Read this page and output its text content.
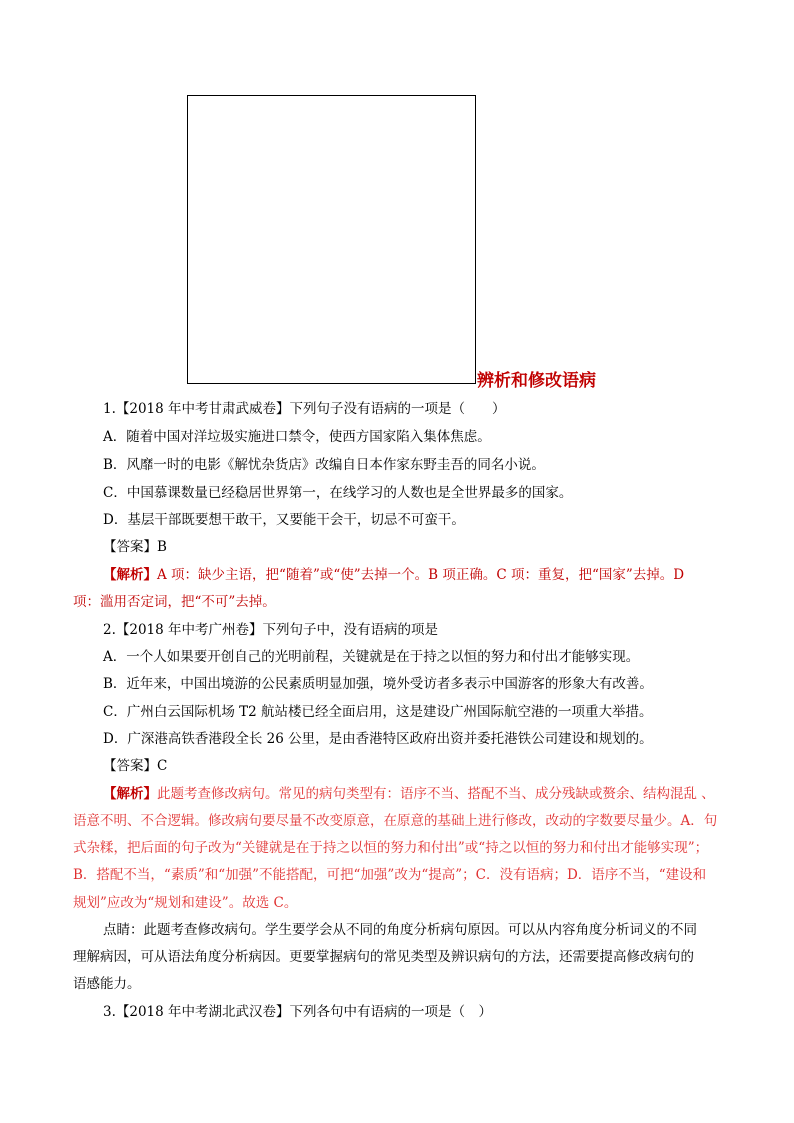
辨析和修改语病
1.【2018 年中考甘肃武威卷】下列句子没有语病的一项是（　　）
A．随着中国对洋垃圾实施进口禁令，使西方国家陷入集体焦虑。
B．风靡一时的电影《解忧杂货店》改编自日本作家东野圭吾的同名小说。
C．中国慕课数量已经稳居世界第一，在线学习的人数也是全世界最多的国家。
D．基层干部既要想干敢干，又要能干会干，切忌不可蛮干。
【答案】B
【解析】A 项：缺少主语，把“随着”或“使”去掉一个。B 项正确。C 项：重复，把“国家”去掉。D
项：滥用否定词，把“不可”去掉。
2.【2018 年中考广州卷】下列句子中，没有语病的项是
A．一个人如果要开创自己的光明前程，关键就是在于持之以恒的努力和付出才能够实现。
B．近年来，中国出境游的公民素质明显加强，境外受访者多表示中国游客的形象大有改善。
C．广州白云国际机场 T2 航站楼已经全面启用，这是建设广州国际航空港的一项重大举措。
D．广深港高铁香港段全长 26 公里，是由香港特区政府出资并委托港铁公司建设和规划的。
【答案】C
【解析】此题考查修改病句。常见的病句类型有：语序不当、搭配不当、成分残缺或赘余、结构混乱 、
语意不明、不合逻辑。修改病句要尽量不改变原意，在原意的基础上进行修改，改动的字数要尽量少。A．句
式杂糅，把后面的句子改为“关键就是在于持之以恒的努力和付出”或“持之以恒的努力和付出才能够实现”；
B．搭配不当，“素质”和“加强”不能搭配，可把“加强”改为“提高”；C．没有语病；D．语序不当，“建设和
规划”应改为“规划和建设”。故选 C。
点睛：此题考查修改病句。学生要学会从不同的角度分析病句原因。可以从内容角度分析词义的不同
理解病因，可从语法角度分析病因。更要掌握病句的常见类型及辨识病句的方法，还需要提高修改病句的
语感能力。
3.【2018 年中考湖北武汉卷】下列各句中有语病的一项是（　）
